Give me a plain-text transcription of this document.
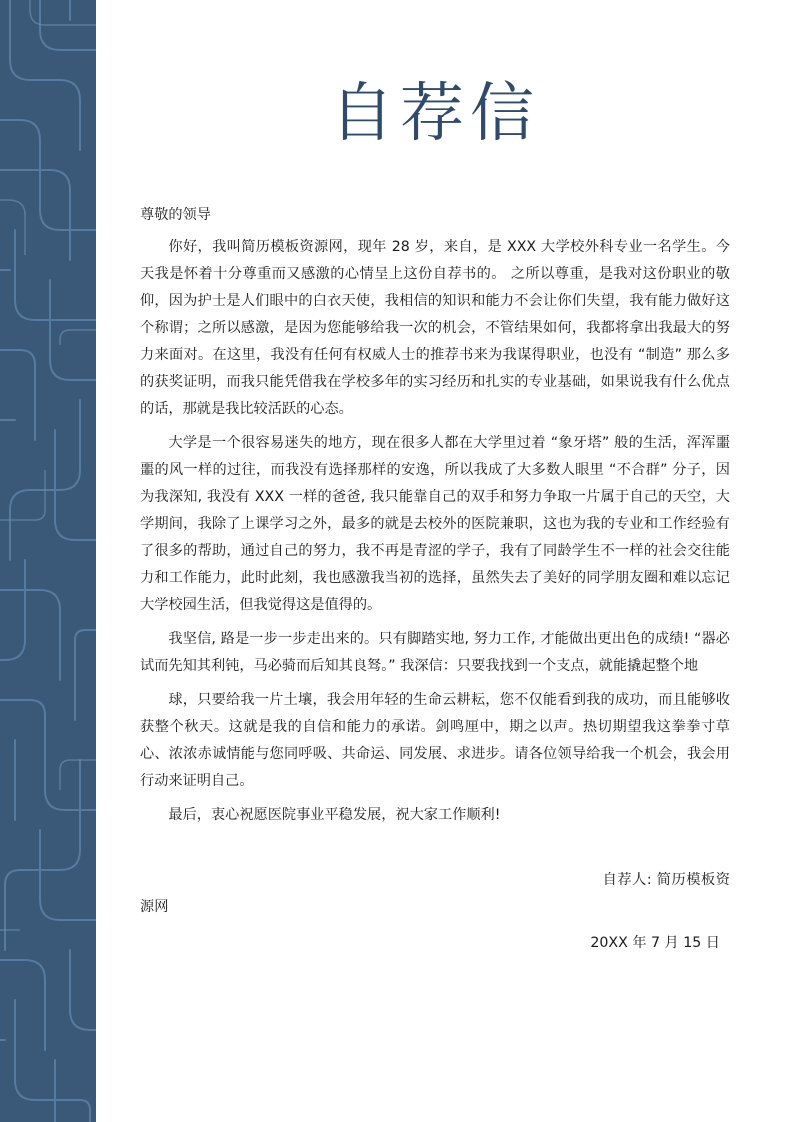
自荐信

尊敬的领导

你好，我叫简历模板资源网，现年 28 岁，来自，是 XXX 大学校外科专业一名学生。今天我是怀着十分尊重而又感激的心情呈上这份自荐书的。 之所以尊重，是我对这份职业的敬仰，因为护士是人们眼中的白衣天使，我相信的知识和能力不会让你们失望，我有能力做好这个称谓；之所以感激，是因为您能够给我一次的机会，不管结果如何，我都将拿出我最大的努力来面对。在这里，我没有任何有权威人士的推荐书来为我谋得职业，也没有 “制造” 那么多的获奖证明，而我只能凭借我在学校多年的实习经历和扎实的专业基础，如果说我有什么优点的话，那就是我比较活跃的心态。

大学是一个很容易迷失的地方，现在很多人都在大学里过着 “象牙塔” 般的生活，浑浑噩噩的风一样的过往，而我没有选择那样的安逸，所以我成了大多数人眼里 “不合群” 分子，因为我深知, 我没有 XXX 一样的爸爸, 我只能靠自己的双手和努力争取一片属于自己的天空，大学期间，我除了上课学习之外，最多的就是去校外的医院兼职，这也为我的专业和工作经验有了很多的帮助，通过自己的努力，我不再是青涩的学子，我有了同龄学生不一样的社会交往能力和工作能力，此时此刻，我也感激我当初的选择，虽然失去了美好的同学朋友圈和难以忘记大学校园生活，但我觉得这是值得的。

我坚信, 路是一步一步走出来的。只有脚踏实地, 努力工作, 才能做出更出色的成绩! “器必试而先知其利钝，马必骑而后知其良驽。” 我深信：只要我找到一个支点，就能撬起整个地

球，只要给我一片土壤，我会用年轻的生命云耕耘，您不仅能看到我的成功，而且能够收获整个秋天。这就是我的自信和能力的承诺。剑鸣厘中，期之以声。热切期望我这拳拳寸草心、浓浓赤诚情能与您同呼吸、共命运、同发展、求进步。请各位领导给我一个机会，我会用行动来证明自己。

最后，衷心祝愿医院事业平稳发展，祝大家工作顺利!

自荐人: 简历模板资源网

20XX 年 7 月 15 日
